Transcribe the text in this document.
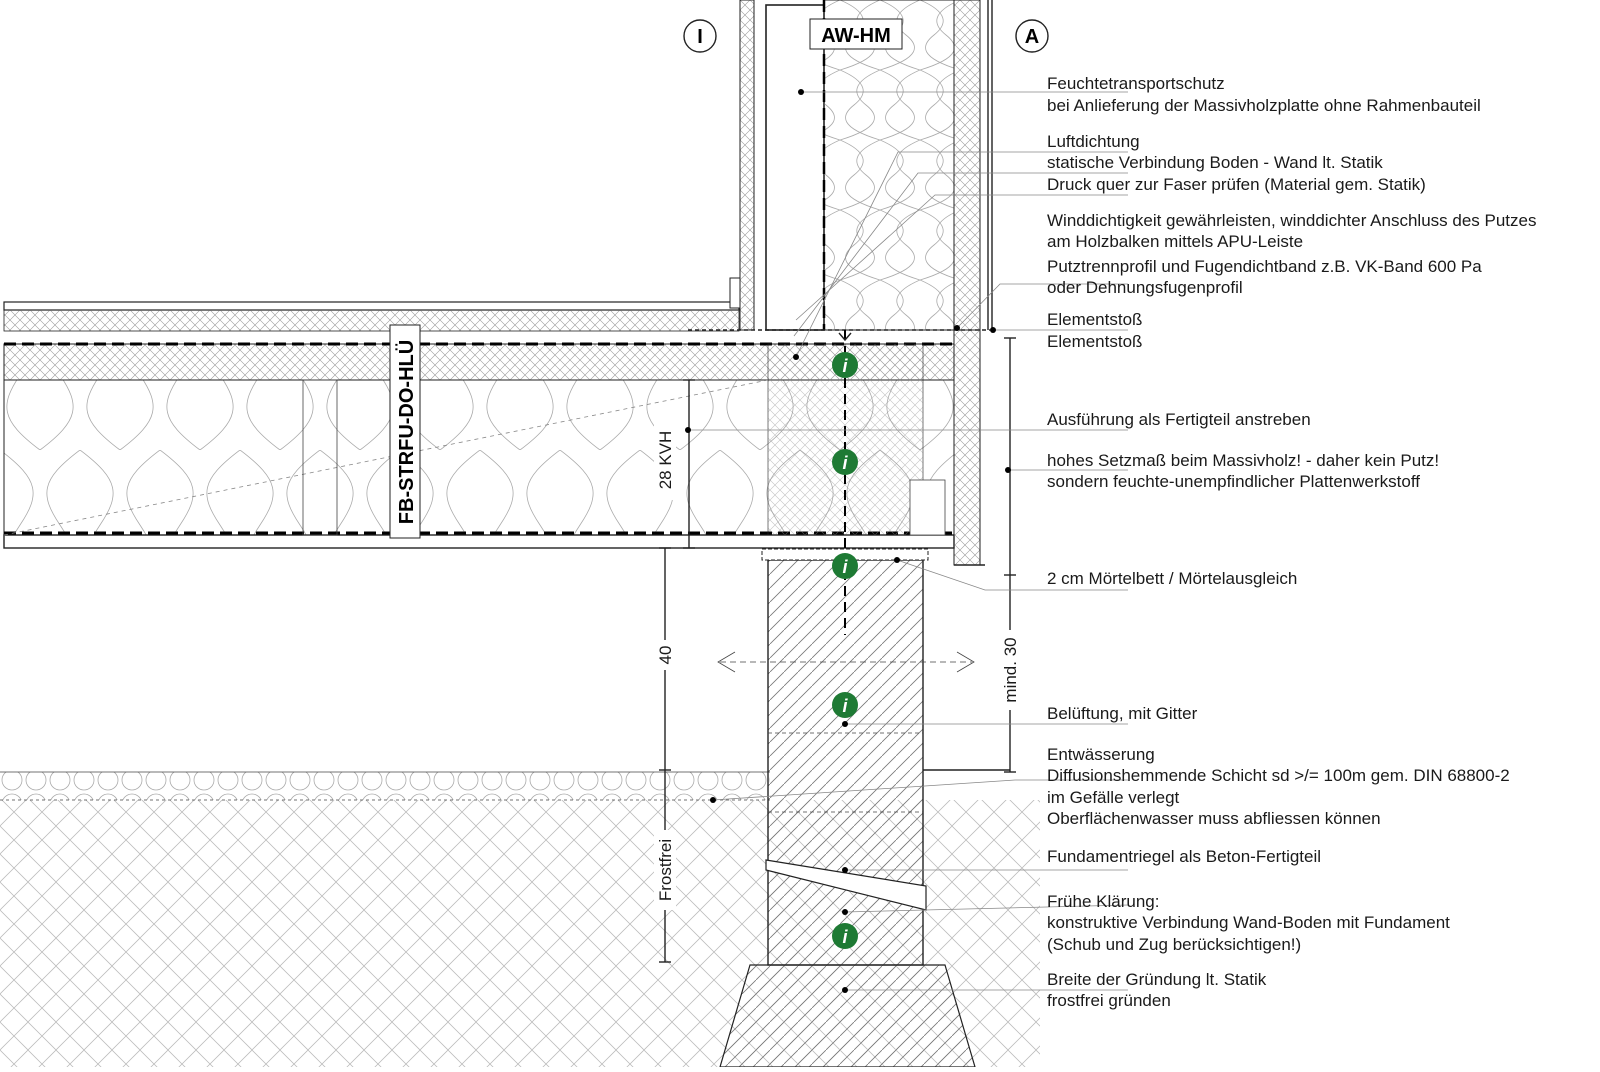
I	A
AW-HM
FB-STRFU-DO-HLÜ	28 KVH
40
Frostfrei
mind. 30
i
i
i
i
i
Feuchtetransportschutz
bei Anlieferung der Massivholzplatte ohne Rahmenbauteil
Luftdichtung
statische Verbindung Boden - Wand lt. Statik
Druck quer zur Faser prüfen (Material gem. Statik)
Winddichtigkeit gewährleisten, winddichter Anschluss des Putzes
am Holzbalken mittels APU-Leiste
Putztrennprofil und Fugendichtband z.B. VK-Band 600 Pa
oder Dehnungsfugenprofil
Elementstoß
Elementstoß
Ausführung als Fertigteil anstreben
hohes Setzmaß beim Massivholz! - daher kein Putz!
sondern feuchte-unempfindlicher Plattenwerkstoff
2 cm Mörtelbett / Mörtelausgleich
Belüftung, mit Gitter
Entwässerung
Diffusionshemmende Schicht sd >/= 100m gem. DIN 68800-2
im Gefälle verlegt
Oberflächenwasser muss abfliessen können
Fundamentriegel als Beton-Fertigteil
Frühe Klärung:
konstruktive Verbindung Wand-Boden mit Fundament
(Schub und Zug berücksichtigen!)
Breite der Gründung lt. Statik
frostfrei gründen
